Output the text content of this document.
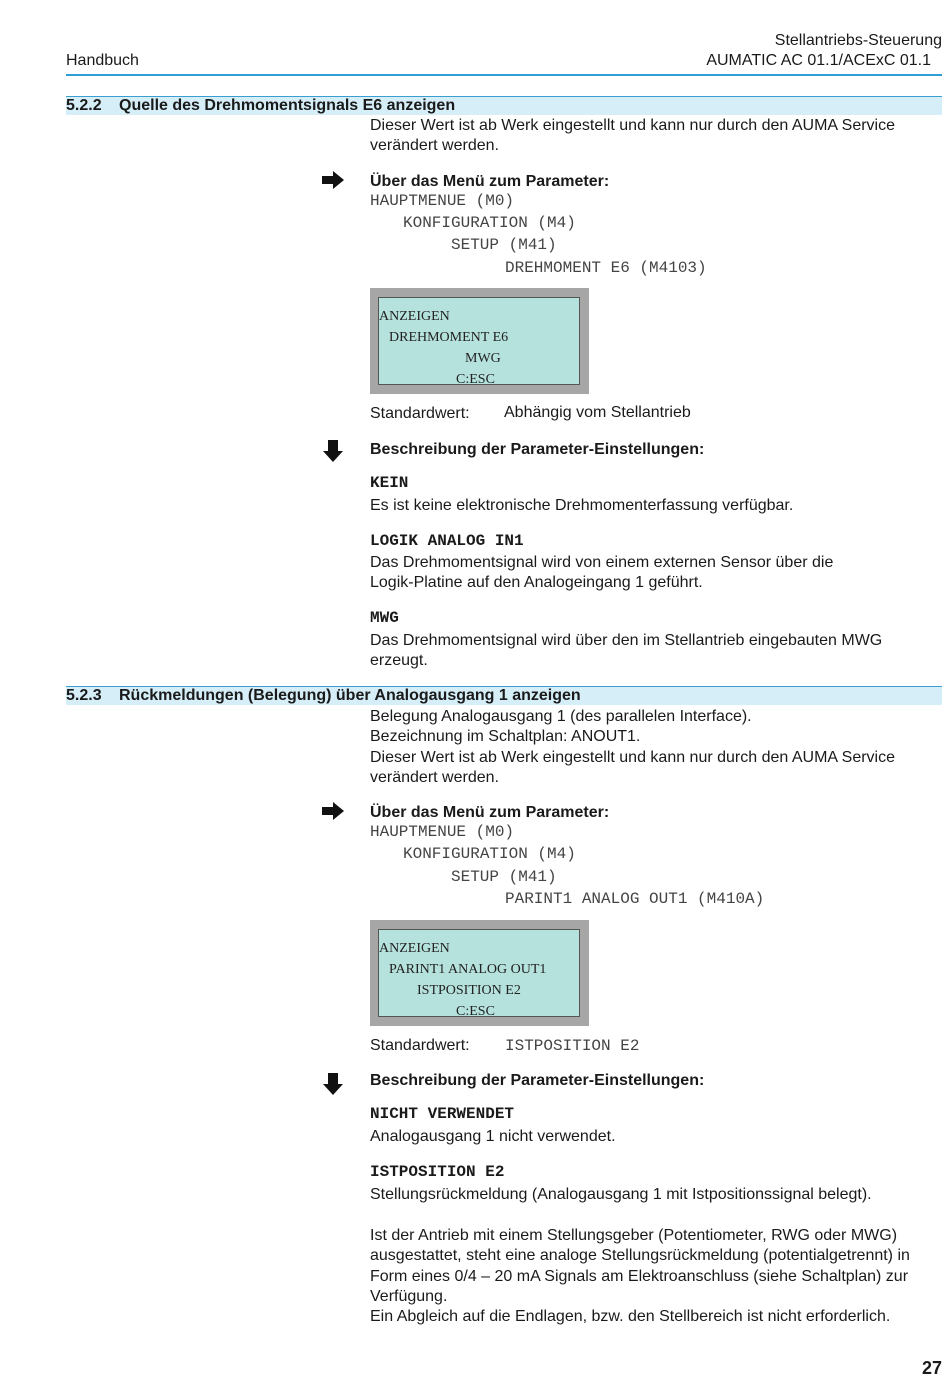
Handbuch
Stellantriebs-Steuerung
AUMATIC AC 01.1/ACExC 01.1
5.2.2 Quelle des Drehmomentsignals E6 anzeigen
Dieser Wert ist ab Werk eingestellt und kann nur durch den AUMA Service
verändert werden.
Über das Menü zum Parameter:
HAUPTMENUE (M0)
KONFIGURATION (M4)
SETUP (M41)
DREHMOMENT E6 (M4103)
ANZEIGEN
DREHMOMENT E6
MWG
C:ESC
Standardwert:	Abhängig vom Stellantrieb
Beschreibung der Parameter-Einstellungen:
KEIN
Es ist keine elektronische Drehmomenterfassung verfügbar.
LOGIK ANALOG IN1
Das Drehmomentsignal wird von einem externen Sensor über die
Logik-Platine auf den Analogeingang 1 geführt.
MWG
Das Drehmomentsignal wird über den im Stellantrieb eingebauten MWG
erzeugt.
5.2.3 Rückmeldungen (Belegung) über Analogausgang 1 anzeigen
Belegung Analogausgang 1 (des parallelen Interface).
Bezeichnung im Schaltplan: ANOUT1.
Dieser Wert ist ab Werk eingestellt und kann nur durch den AUMA Service
verändert werden.
Über das Menü zum Parameter:
HAUPTMENUE (M0)
KONFIGURATION (M4)
SETUP (M41)
PARINT1 ANALOG OUT1 (M410A)
ANZEIGEN
PARINT1 ANALOG OUT1
ISTPOSITION E2
C:ESC
Standardwert:	ISTPOSITION E2
Beschreibung der Parameter-Einstellungen:
NICHT VERWENDET
Analogausgang 1 nicht verwendet.
ISTPOSITION E2
Stellungsrückmeldung (Analogausgang 1 mit Istpositionssignal belegt).
Ist der Antrieb mit einem Stellungsgeber (Potentiometer, RWG oder MWG)
ausgestattet, steht eine analoge Stellungsrückmeldung (potentialgetrennt) in
Form eines 0/4 – 20 mA Signals am Elektroanschluss (siehe Schaltplan) zur
Verfügung.
Ein Abgleich auf die Endlagen, bzw. den Stellbereich ist nicht erforderlich.
27
